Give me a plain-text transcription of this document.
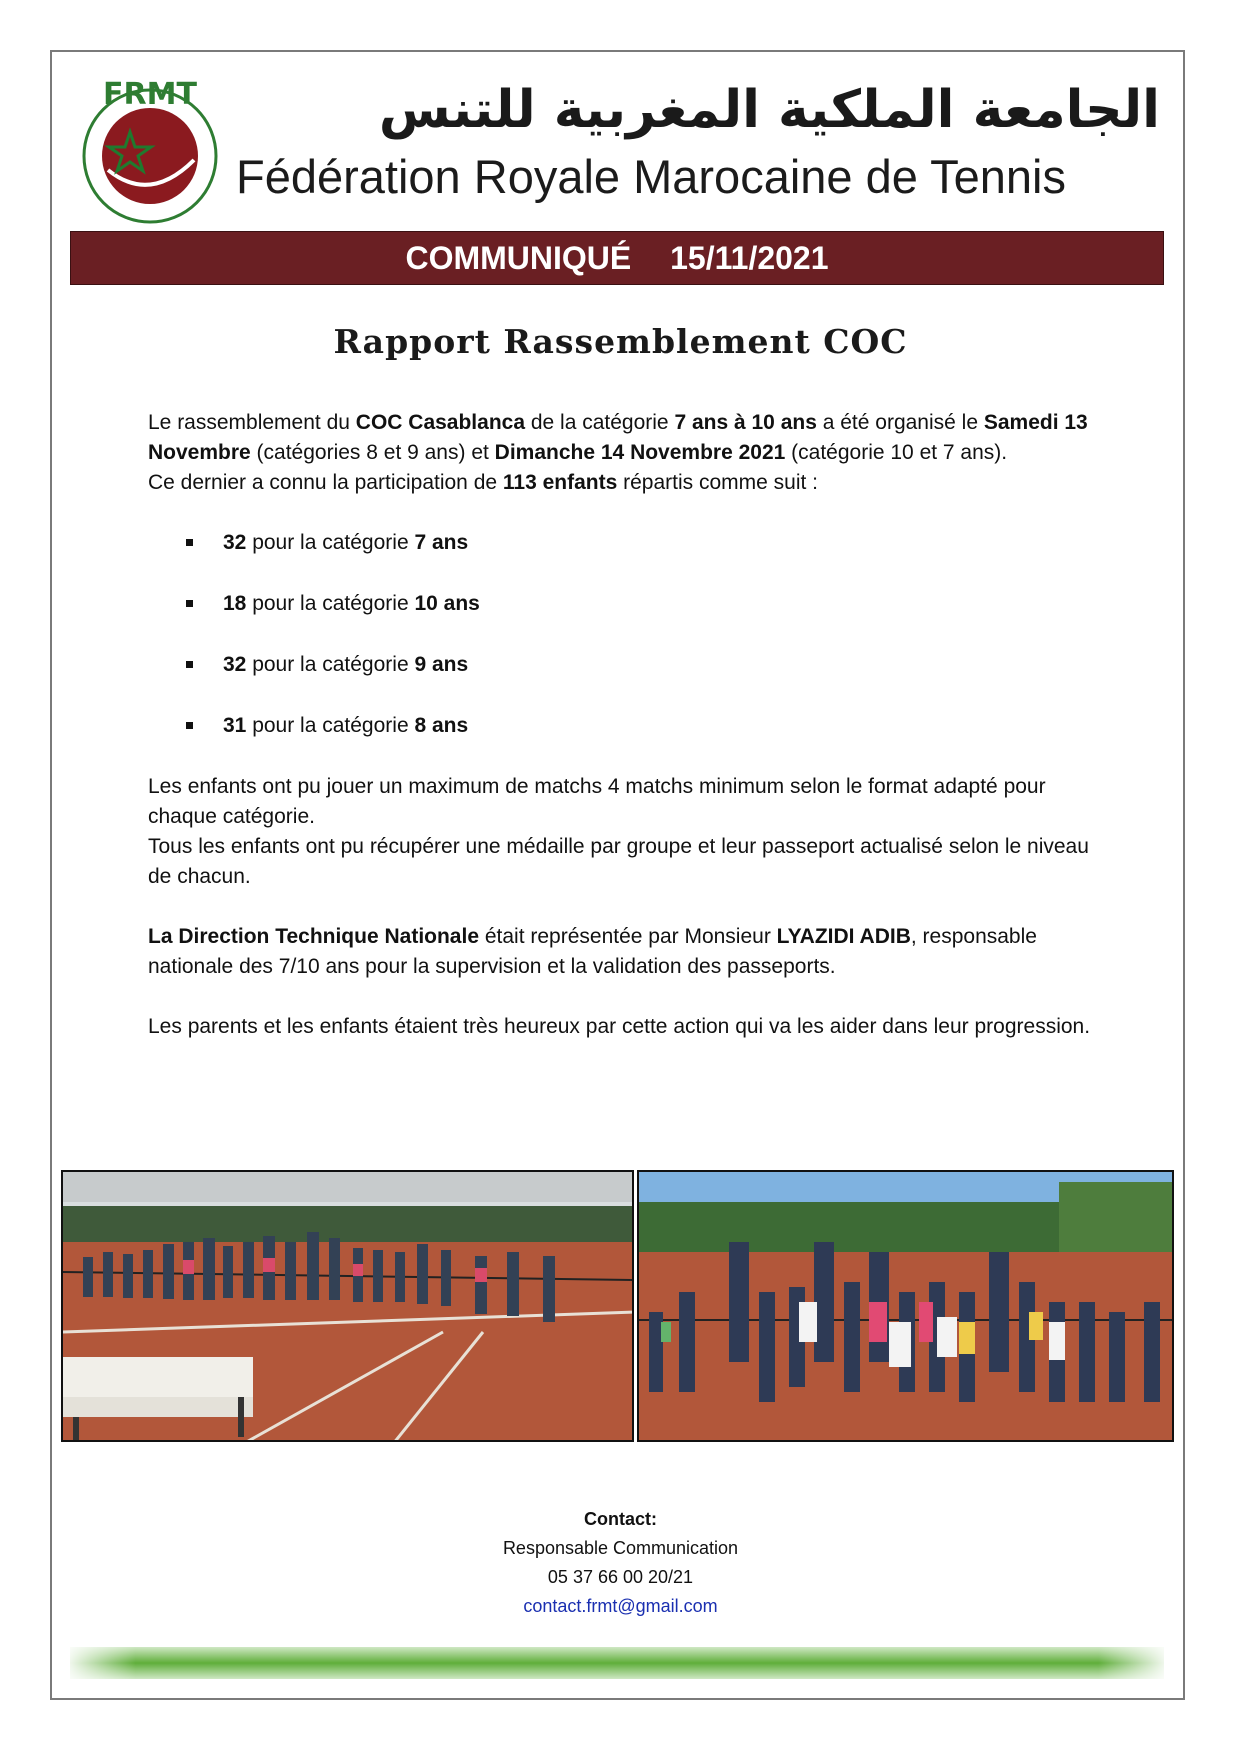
FRMT	الجامعة الملكية المغربية للتنس
Fédération Royale Marocaine de Tennis
COMMUNIQUÉ 15/11/2021
Rapport Rassemblement COC

Le rassemblement du COC Casablanca de la catégorie 7 ans à 10 ans a été organisé le Samedi 13 Novembre (catégories 8 et 9 ans) et Dimanche 14 Novembre 2021 (catégorie 10 et 7 ans).

Ce dernier a connu la participation de 113 enfants répartis comme suit :

32 pour la catégorie 7 ans
18 pour la catégorie 10 ans
32 pour la catégorie 9 ans
31 pour la catégorie 8 ans

Les enfants ont pu jouer un maximum de matchs 4 matchs minimum selon le format adapté pour chaque catégorie.

Tous les enfants ont pu récupérer une médaille par groupe et leur passeport actualisé selon le niveau de chacun.

La Direction Technique Nationale était représentée par Monsieur LYAZIDI ADIB, responsable nationale des 7/10 ans pour la supervision et la validation des passeports.

Les parents et les enfants étaient très heureux par cette action qui va les aider dans leur progression.

Contact:
Responsable Communication
05 37 66 00 20/21
contact.frmt@gmail.com
